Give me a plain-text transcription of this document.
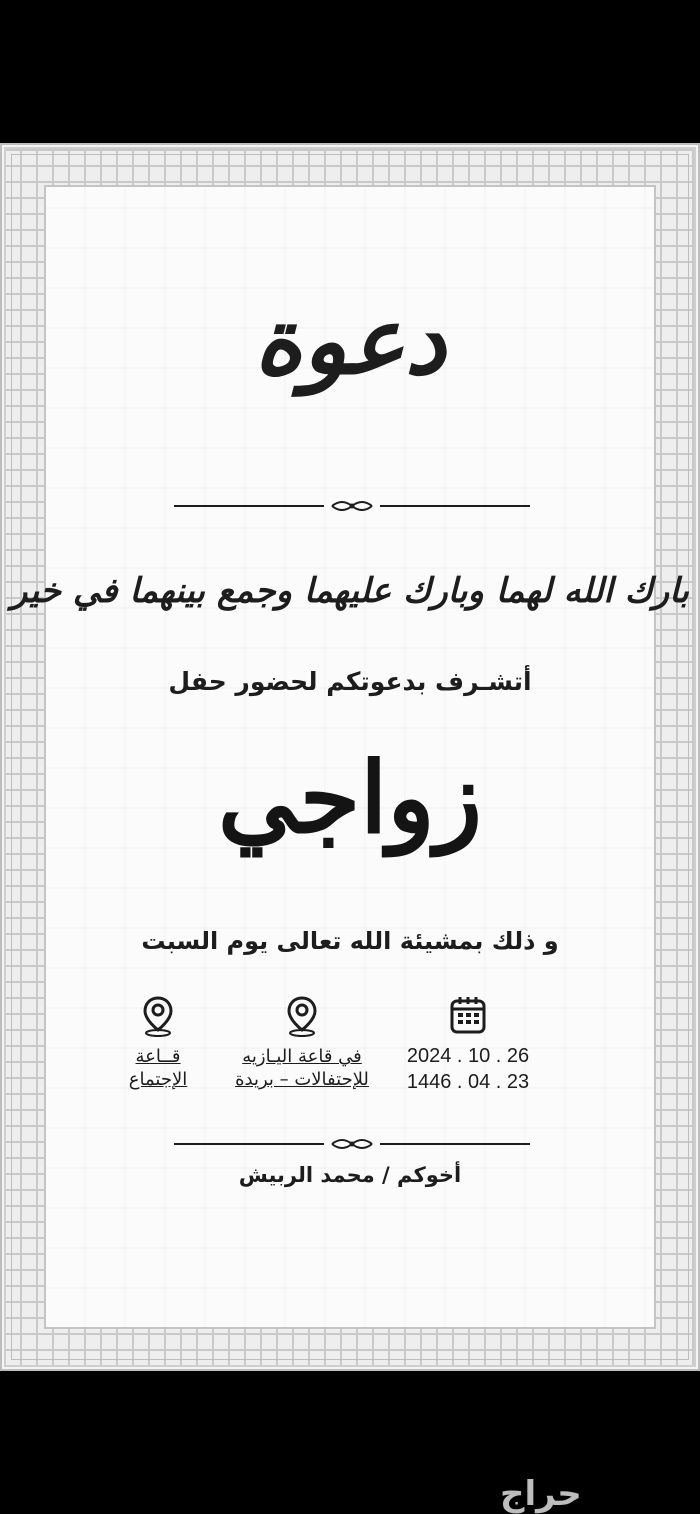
دعوة
بارك الله لهما وبارك عليهما وجمع بينهما في خير
أتشـرف بدعوتكم لحضور حفل
زواجي
و ذلك بمشيئة الله تعالى يوم السبت
2024 . 10 . 26
1446 . 04 . 23
في قاعة اليـازيه
للإحتفالات – بريدة
قــاعة
الإجتماع
أخوكم / محمد الربيش
حراج
